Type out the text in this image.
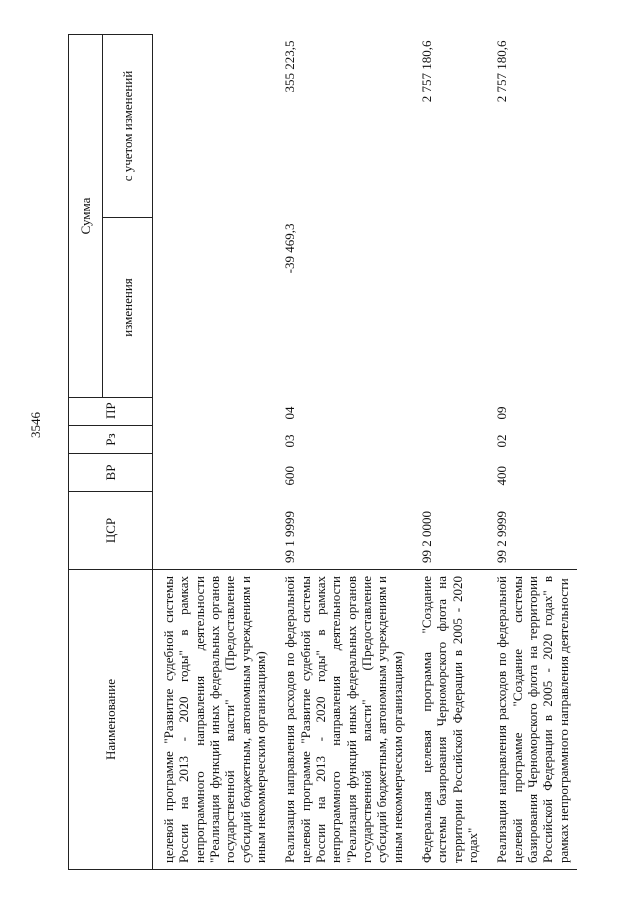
3546
Наименование	ЦСР	ВР	Рз	ПР	Сумма	
					изменения	с учетом изменений
целевой программе "Развитие судебной системы России на 2013 - 2020 годы" в рамках непрограммного направления деятельности "Реализация функций иных федеральных органов государственной власти" (Предоставление субсидий бюджетным, автономным учреждениям и иным некоммерческим организациям)						
Реализация направления расходов по федеральной целевой программе "Развитие судебной системы России на 2013 - 2020 годы" в рамках непрограммного направления деятельности "Реализация функций иных федеральных органов государственной власти" (Предоставление субсидий бюджетным, автономным учреждениям и иным некоммерческим организациям)	99 1 9999	600	03	04	-39 469,3	355 223,5
Федеральная целевая программа "Создание системы базирования Черноморского флота на территории Российской Федерации в 2005 - 2020 годах"	99 2 0000					2 757 180,6
Реализация направления расходов по федеральной целевой программе "Создание системы базирования Черноморского флота на территории Российской Федерации в 2005 - 2020 годах" в рамках непрограммного направления деятельности	99 2 9999	400	02	09		2 757 180,6
